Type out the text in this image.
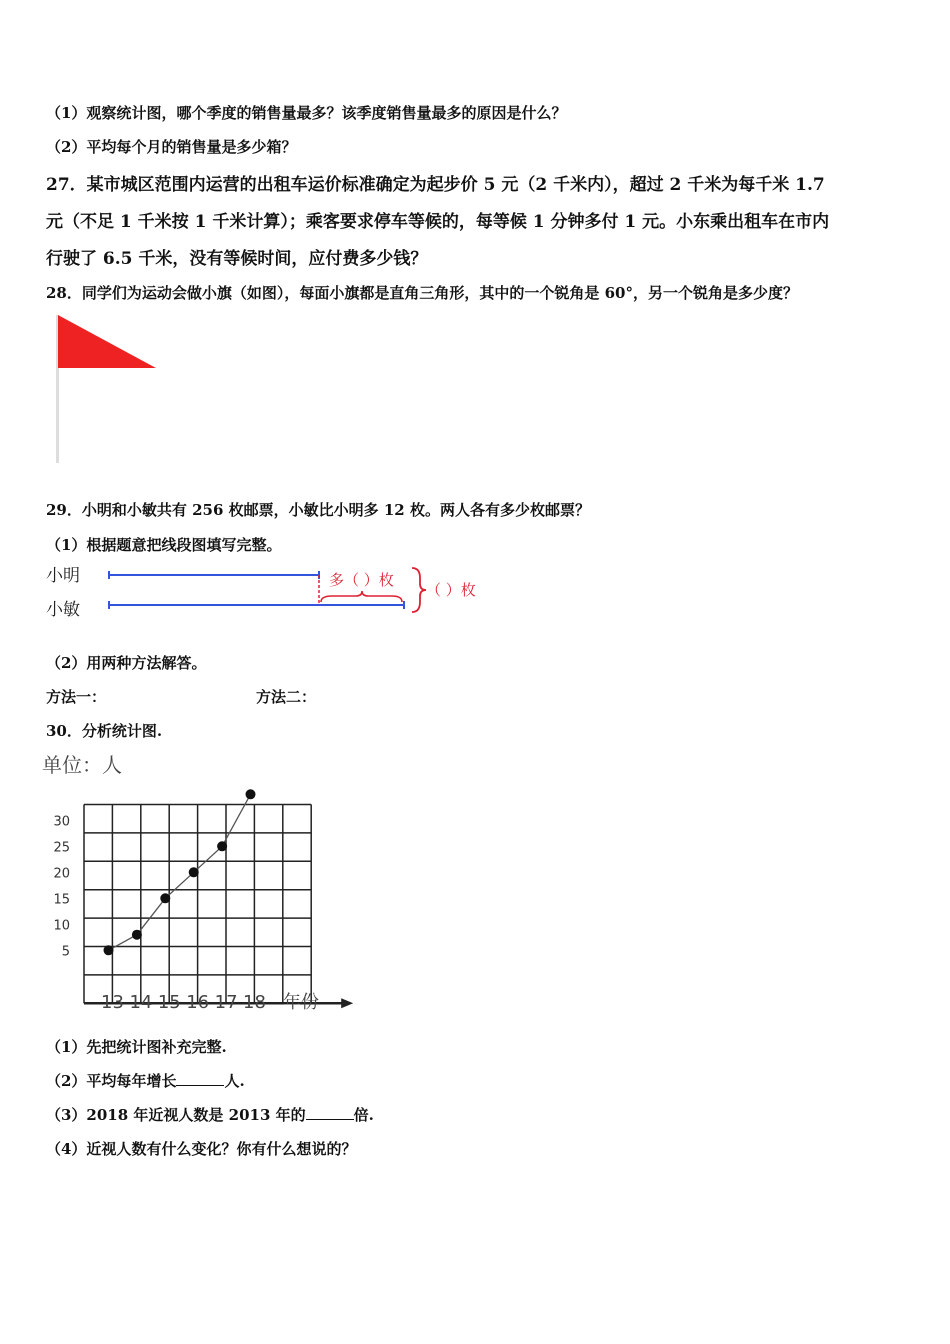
（1）观察统计图，哪个季度的销售量最多？该季度销售量最多的原因是什么？
（2）平均每个月的销售量是多少箱？
27．某市城区范围内运营的出租车运价标准确定为起步价 5 元（2 千米内），超过 2 千米为每千米 1.7
元（不足 1 千米按 1 千米计算）；乘客要求停车等候的，每等候 1 分钟多付 1 元。小东乘出租车在市内
行驶了 6.5 千米，没有等候时间，应付费多少钱？
28．同学们为运动会做小旗（如图），每面小旗都是直角三角形，其中的一个锐角是 60°，另一个锐角是多少度？
29．小明和小敏共有 256 枚邮票，小敏比小明多 12 枚。两人各有多少枚邮票？
（1）根据题意把线段图填写完整。
小明
小敏
多（ ）枚
（ ）枚
（2）用两种方法解答。
方法一：	方法二：
30．分析统计图.
单位：人
5
10
15
20
25
30
13 14 15 16 17 18 年份
（1）先把统计图补充完整.
（2）平均每年增长	人.
（3）2018 年近视人数是 2013 年的	倍.
（4）近视人数有什么变化？你有什么想说的？
